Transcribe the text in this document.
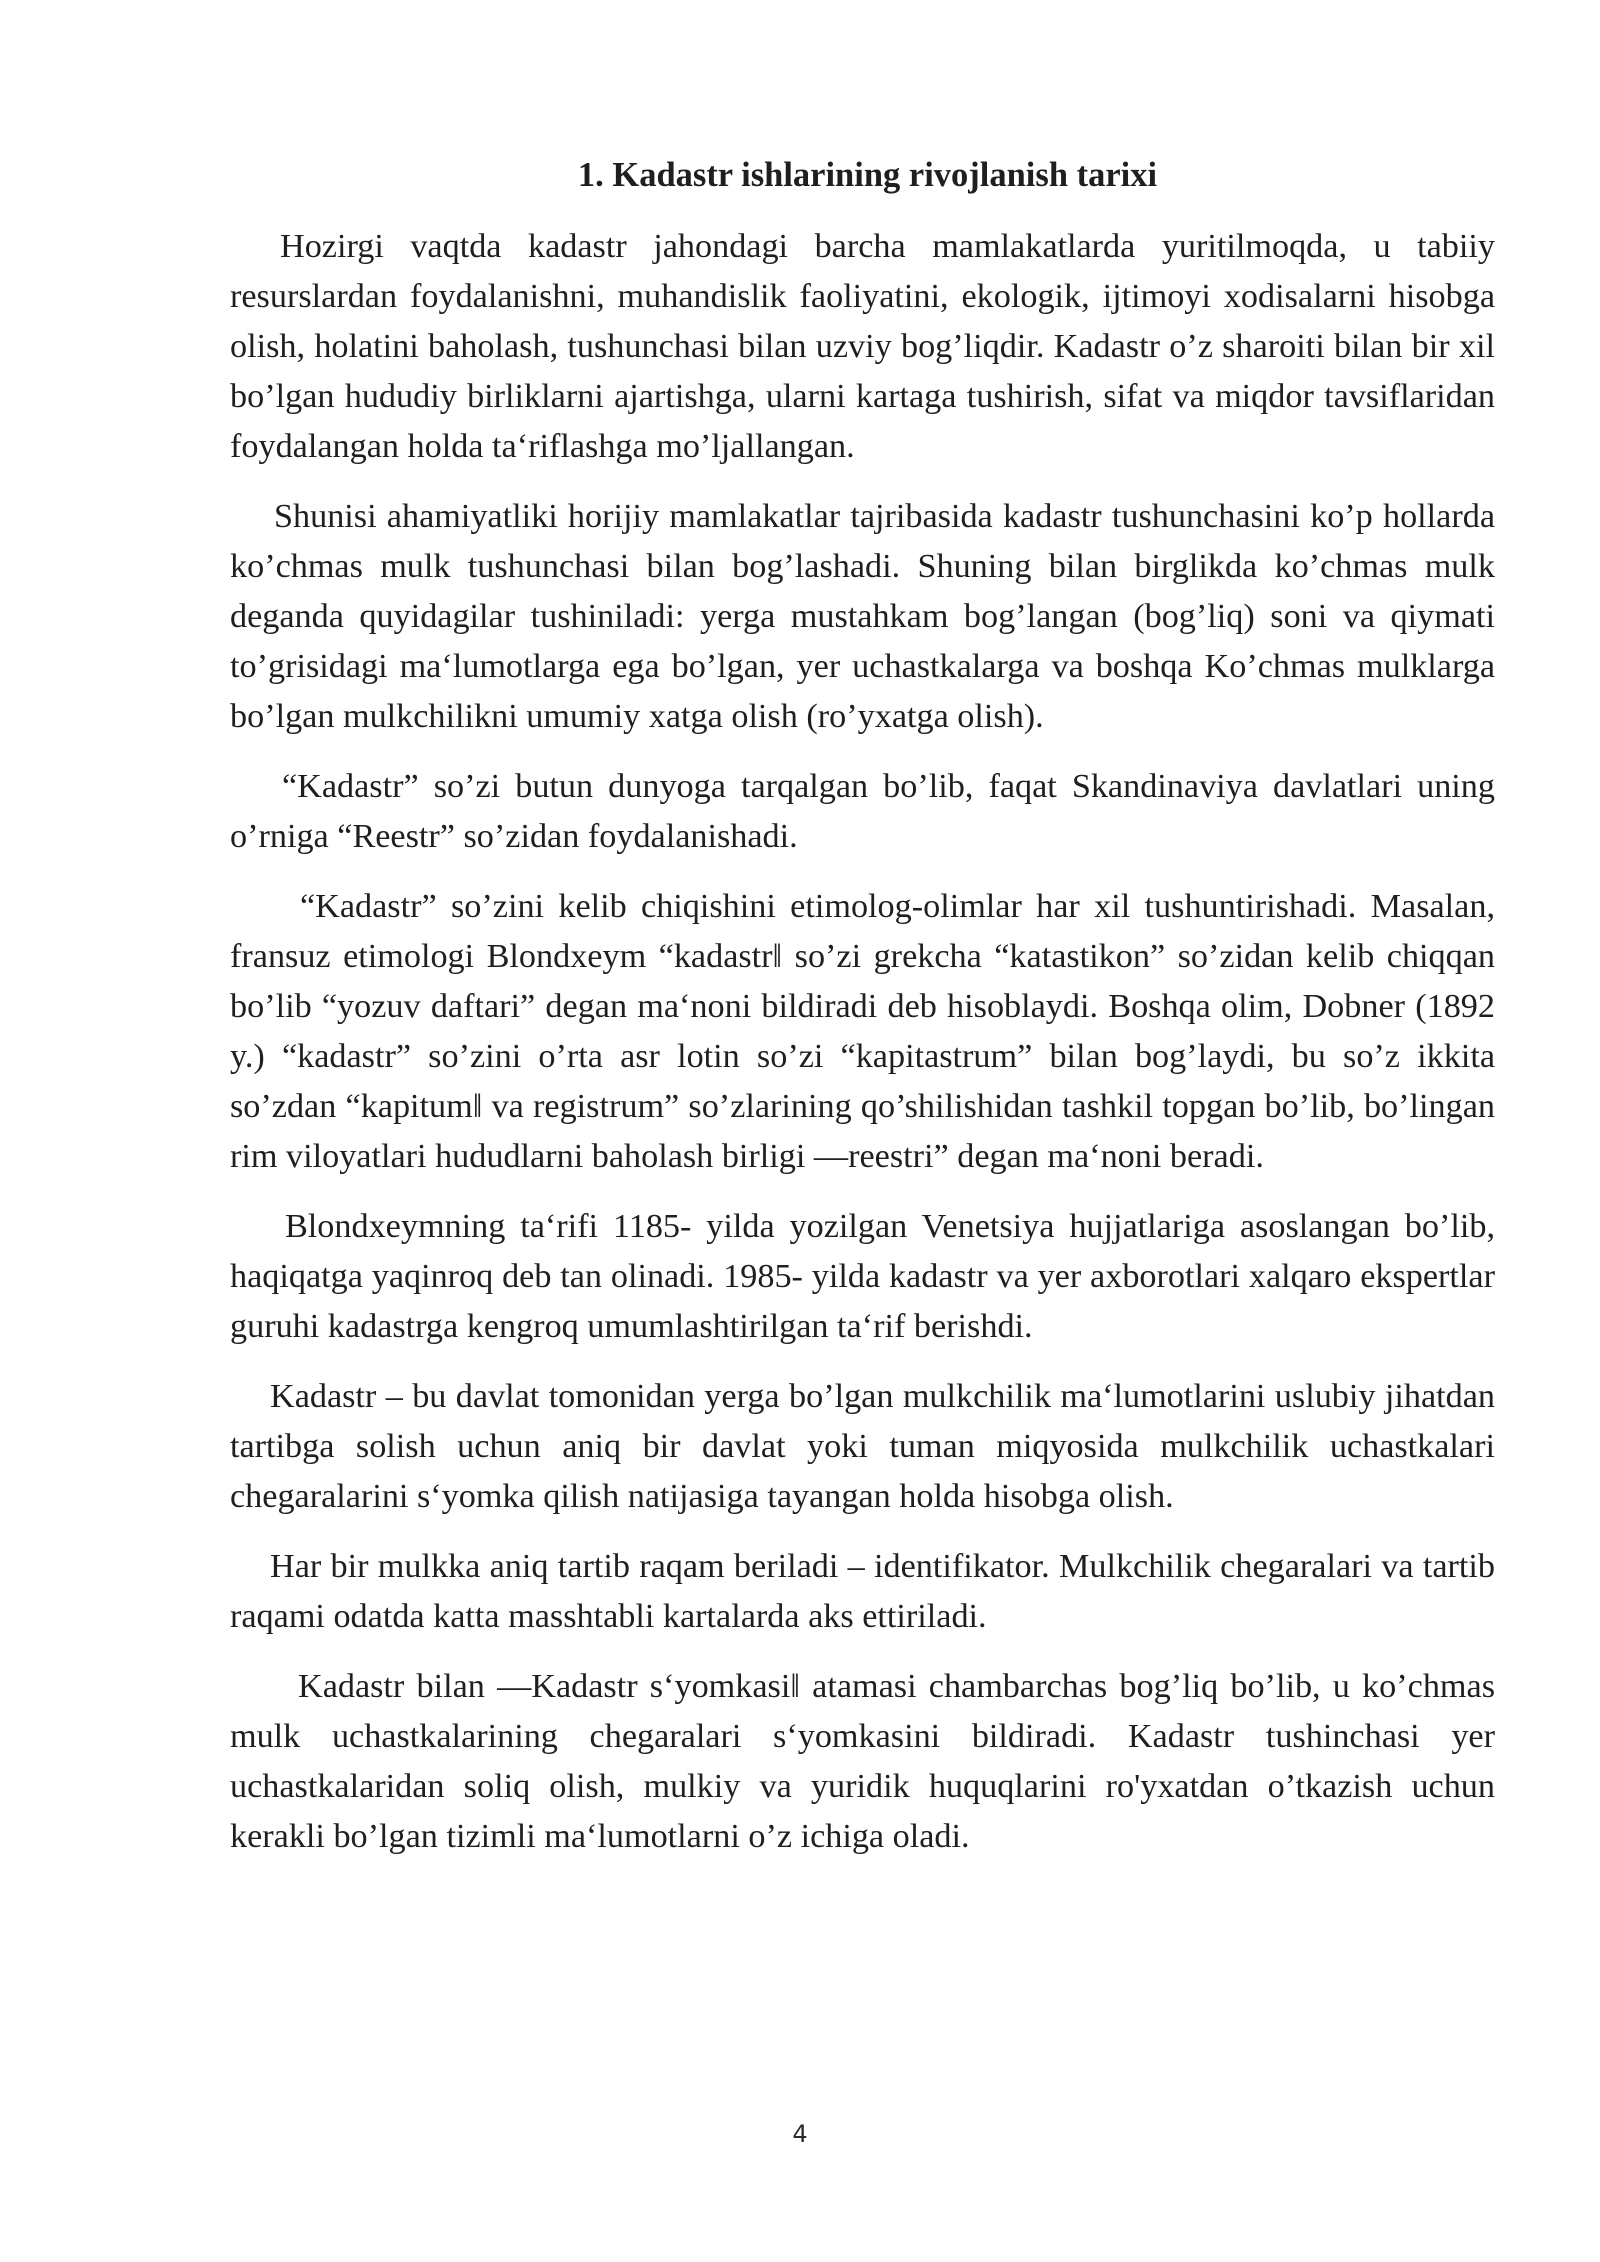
1. Kadastr ishlarining rivojlanish tarixi

Hozirgi vaqtda kadastr jahondagi barcha mamlakatlarda yuritilmoqda, u tabiiy resurslardan foydalanishni, muhandislik faoliyatini, ekologik, ijtimoyi xodisalarni hisobga olish, holatini baholash, tushunchasi bilan uzviy bog’liqdir. Kadastr o’z sharoiti bilan bir xil bo’lgan hududiy birliklarni ajartishga, ularni kartaga tushirish, sifat va miqdor tavsiflaridan foydalangan holda ta‘riflashga mo’ljallangan.

Shunisi ahamiyatliki horijiy mamlakatlar tajribasida kadastr tushunchasini ko’p hollarda ko’chmas mulk tushunchasi bilan bog’lashadi. Shuning bilan birglikda ko’chmas mulk deganda quyidagilar tushiniladi: yerga mustahkam bog’langan (bog’liq) soni va qiymati to’grisidagi ma‘lumotlarga ega bo’lgan, yer uchastkalarga va boshqa Ko’chmas mulklarga bo’lgan mulkchilikni umumiy xatga olish (ro’yxatga olish).

“Kadastr” so’zi butun dunyoga tarqalgan bo’lib, faqat Skandinaviya davlatlari uning o’rniga “Reestr” so’zidan foydalanishadi.

“Kadastr” so’zini kelib chiqishini etimolog-olimlar har xil tushuntirishadi. Masalan, fransuz etimologi Blondxeym “kadastr‖ so’zi grekcha “katastikon” so’zidan kelib chiqqan bo’lib “yozuv daftari” degan ma‘noni bildiradi deb hisoblaydi. Boshqa olim, Dobner (1892 y.) “kadastr” so’zini o’rta asr lotin so’zi “kapitastrum” bilan bog’laydi, bu so’z ikkita so’zdan “kapitum‖ va registrum” so’zlarining qo’shilishidan tashkil topgan bo’lib, bo’lingan rim viloyatlari hududlarni baholash birligi ―reestri” degan ma‘noni beradi.

Blondxeymning ta‘rifi 1185- yilda yozilgan Venetsiya hujjatlariga asoslangan bo’lib, haqiqatga yaqinroq deb tan olinadi. 1985- yilda kadastr va yer axborotlari xalqaro ekspertlar guruhi kadastrga kengroq umumlashtirilgan ta‘rif berishdi.

Kadastr – bu davlat tomonidan yerga bo’lgan mulkchilik ma‘lumotlarini uslubiy jihatdan tartibga solish uchun aniq bir davlat yoki tuman miqyosida mulkchilik uchastkalari chegaralarini s‘yomka qilish natijasiga tayangan holda hisobga olish.

Har bir mulkka aniq tartib raqam beriladi – identifikator. Mulkchilik chegaralari va tartib raqami odatda katta masshtabli kartalarda aks ettiriladi.

Kadastr bilan ―Kadastr s‘yomkasi‖ atamasi chambarchas bog’liq bo’lib, u ko’chmas mulk uchastkalarining chegaralari s‘yomkasini bildiradi. Kadastr tushinchasi yer uchastkalaridan soliq olish, mulkiy va yuridik huquqlarini ro'yxatdan o’tkazish uchun kerakli bo’lgan tizimli ma‘lumotlarni o’z ichiga oladi.

4
